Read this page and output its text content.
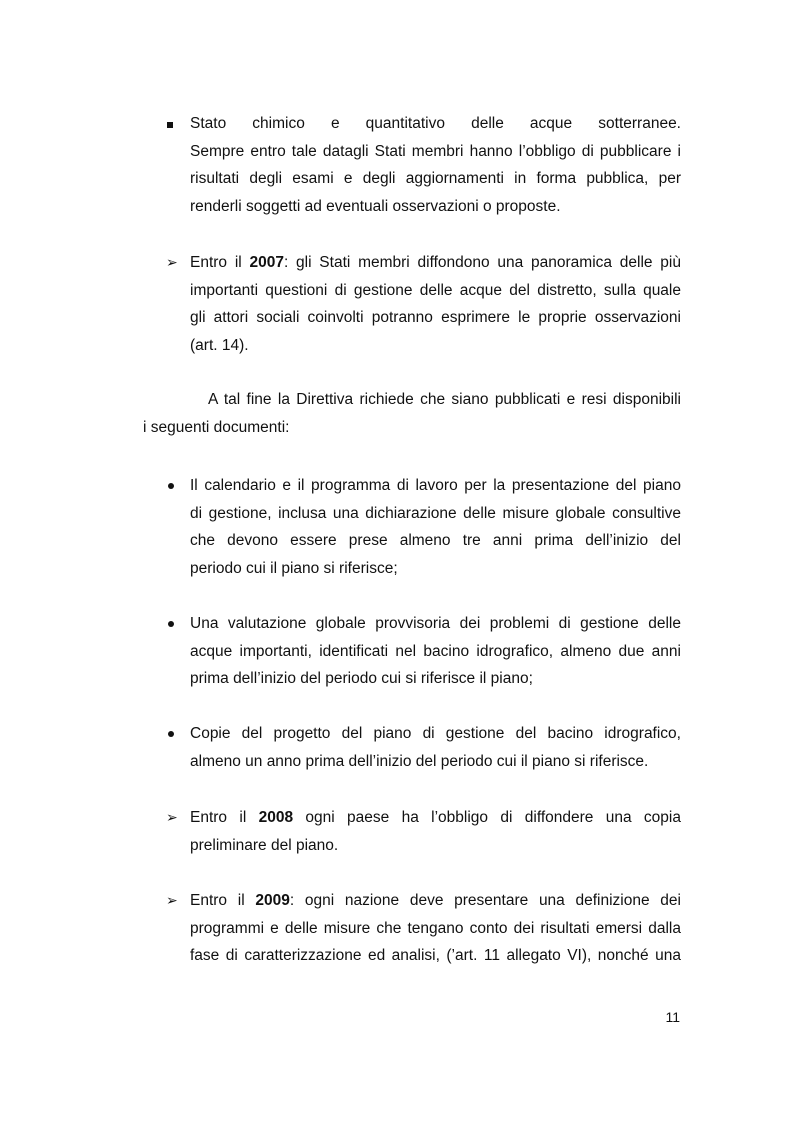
Stato chimico e quantitativo delle acque sotterranee.
Sempre entro tale datagli Stati membri hanno l’obbligo di pubblicare i
risultati degli esami e degli aggiornamenti in forma pubblica, per
renderli soggetti ad eventuali osservazioni o proposte.
➢ Entro il 2007: gli Stati membri diffondono una panoramica delle più
importanti questioni di gestione delle acque del distretto, sulla quale
gli attori sociali coinvolti potranno esprimere le proprie osservazioni
(art. 14).
A tal fine la Direttiva richiede che siano pubblicati e resi disponibili
i seguenti documenti:
Il calendario e il programma di lavoro per la presentazione del piano
di gestione, inclusa una dichiarazione delle misure globale consultive
che devono essere prese almeno tre anni prima dell’inizio del
periodo cui il piano si riferisce;
Una valutazione globale provvisoria dei problemi di gestione delle
acque importanti, identificati nel bacino idrografico, almeno due anni
prima dell’inizio del periodo cui si riferisce il piano;
Copie del progetto del piano di gestione del bacino idrografico,
almeno un anno prima dell’inizio del periodo cui il piano si riferisce.
➢ Entro il 2008 ogni paese ha l’obbligo di diffondere una copia
preliminare del piano.
➢ Entro il 2009: ogni nazione deve presentare una definizione dei
programmi e delle misure che tengano conto dei risultati emersi dalla
fase di caratterizzazione ed analisi, (’art. 11 allegato VI), nonché una
11
